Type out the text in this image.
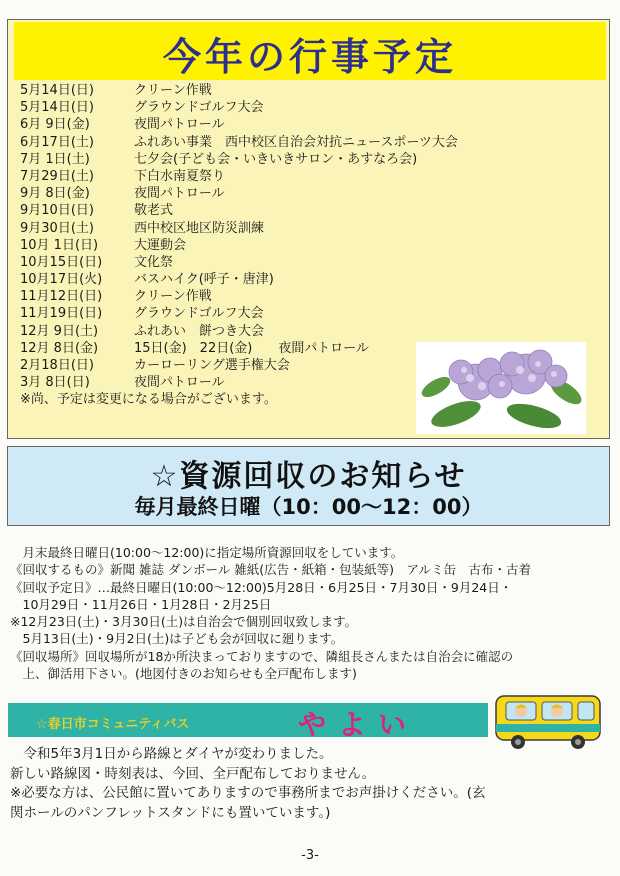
今年の行事予定
5月14日(日)	クリーン作戦
5月14日(日)	グラウンドゴルフ大会
6月 9日(金)	夜間パトロール
6月17日(土)	ふれあい事業　西中校区自治会対抗ニュースポーツ大会
7月 1日(土)	七夕会(子ども会・いきいきサロン・あすなろ会)
7月29日(土)	下白水南夏祭り
9月 8日(金)	夜間パトロール
9月10日(日)	敬老式
9月30日(土)	西中校区地区防災訓練
10月 1日(日)	大運動会
10月15日(日) 文化祭
10月17日(火) バスハイク(呼子・唐津)
11月12日(日) クリーン作戦
11月19日(日) グラウンドゴルフ大会
12月 9日(土)	ふれあい　餅つき大会
12月 8日(金)	15日(金)　22日(金)　　夜間パトロール
2月18日(日)	カーローリング選手権大会
3月 8日(日)	夜間パトロール
※尚、予定は変更になる場合がございます。
☆資源回収のお知らせ
毎月最終日曜（10：00〜12：00）
　月末最終日曜日(10:00〜12:00)に指定場所資源回収をしています。
《回収するもの》新聞 雑誌 ダンボール 雑紙(広告・紙箱・包装紙等)　アルミ缶　古布・古着
《回収予定日》…最終日曜日(10:00〜12:00)5月28日・6月25日・7月30日・9月24日・
　10月29日・11月26日・1月28日・2月25日
※12月23日(土)・3月30日(土)は自治会で個別回収致します。
　5月13日(土)・9月2日(土)は子ども会が回収に廻ります。
《回収場所》回収場所が18か所決まっておりますので、隣組長さんまたは自治会に確認の
　上、御活用下さい。(地図付きのお知らせも全戸配布します)
☆春日市コミュニティバス	やよい
　令和5年3月1日から路線とダイヤが変わりました。
新しい路線図・時刻表は、今回、全戸配布しておりません。
※必要な方は、公民館に置いてありますので事務所までお声掛けください。(玄
関ホールのパンフレットスタンドにも置いています。)
-3-
